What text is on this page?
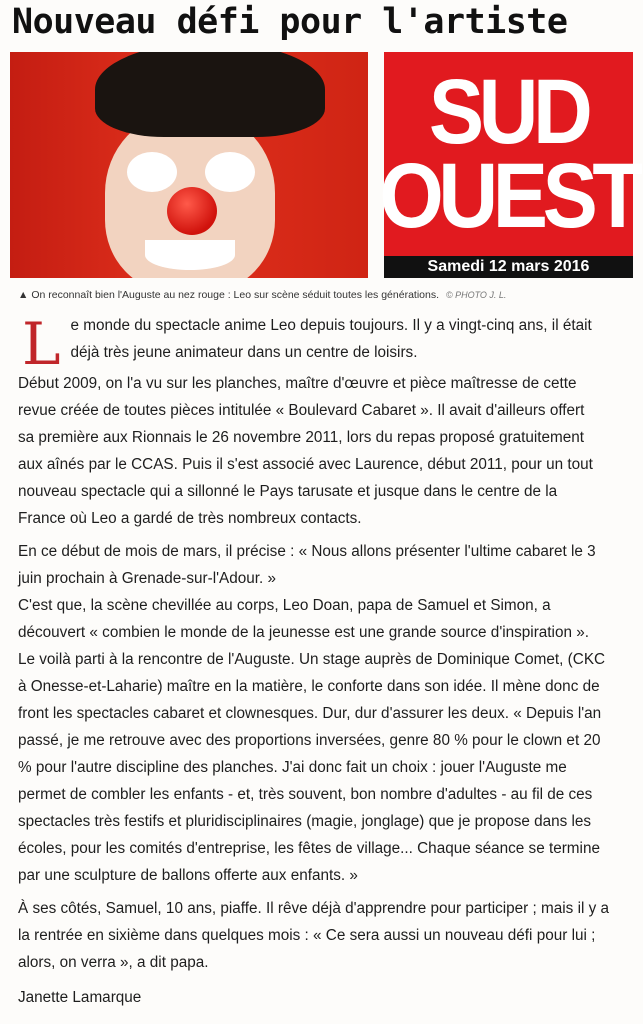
Nouveau défi pour l'artiste
SUD
OUEST
Samedi 12 mars 2016
▲ On reconnaît bien l'Auguste au nez rouge : Leo sur scène séduit toutes les générations. © PHOTO J. L.
L e monde du spectacle anime Leo depuis toujours. Il y a vingt-cinq ans, il était
déjà très jeune animateur dans un centre de loisirs.
Début 2009, on l'a vu sur les planches, maître d'œuvre et pièce maîtresse de cette
revue créée de toutes pièces intitulée « Boulevard Cabaret ». Il avait d'ailleurs offert
sa première aux Rionnais le 26 novembre 2011, lors du repas proposé gratuitement
aux aînés par le CCAS. Puis il s'est associé avec Laurence, début 2011, pour un tout
nouveau spectacle qui a sillonné le Pays tarusate et jusque dans le centre de la
France où Leo a gardé de très nombreux contacts.
En ce début de mois de mars, il précise : « Nous allons présenter l'ultime cabaret le 3
juin prochain à Grenade-sur-l'Adour. »
C'est que, la scène chevillée au corps, Leo Doan, papa de Samuel et Simon, a
découvert « combien le monde de la jeunesse est une grande source d'inspiration ».
Le voilà parti à la rencontre de l'Auguste. Un stage auprès de Dominique Comet, (CKC
à Onesse-et-Laharie) maître en la matière, le conforte dans son idée. Il mène donc de
front les spectacles cabaret et clownesques. Dur, dur d'assurer les deux. « Depuis l'an
passé, je me retrouve avec des proportions inversées, genre 80 % pour le clown et 20
% pour l'autre discipline des planches. J'ai donc fait un choix : jouer l'Auguste me
permet de combler les enfants - et, très souvent, bon nombre d'adultes - au fil de ces
spectacles très festifs et pluridisciplinaires (magie, jonglage) que je propose dans les
écoles, pour les comités d'entreprise, les fêtes de village... Chaque séance se termine
par une sculpture de ballons offerte aux enfants. »
À ses côtés, Samuel, 10 ans, piaffe. Il rêve déjà d'apprendre pour participer ; mais il y a
la rentrée en sixième dans quelques mois : « Ce sera aussi un nouveau défi pour lui ;
alors, on verra », a dit papa.
Janette Lamarque
